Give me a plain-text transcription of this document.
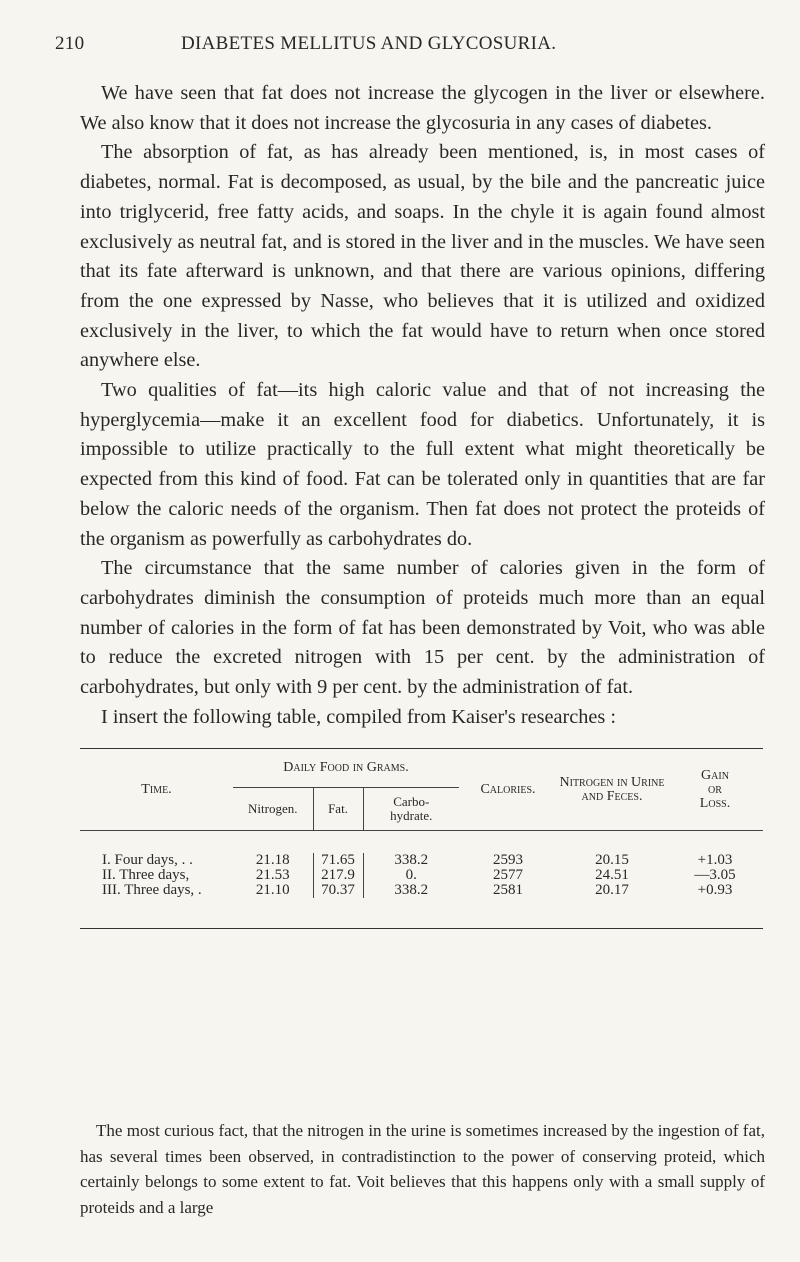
210	DIABETES MELLITUS AND GLYCOSURIA.

We have seen that fat does not increase the glycogen in the liver or elsewhere. We also know that it does not increase the glycosuria in any cases of diabetes.

The absorption of fat, as has already been mentioned, is, in most cases of diabetes, normal. Fat is decomposed, as usual, by the bile and the pancreatic juice into triglycerid, free fatty acids, and soaps. In the chyle it is again found almost exclusively as neutral fat, and is stored in the liver and in the muscles. We have seen that its fate afterward is unknown, and that there are various opinions, differing from the one expressed by Nasse, who believes that it is utilized and oxidized exclusively in the liver, to which the fat would have to return when once stored anywhere else.

Two qualities of fat—its high caloric value and that of not increasing the hyperglycemia—make it an excellent food for diabetics. Unfortunately, it is impossible to utilize practically to the full extent what might theoretically be expected from this kind of food. Fat can be tolerated only in quantities that are far below the caloric needs of the organism. Then fat does not protect the proteids of the organism as powerfully as carbohydrates do.

The circumstance that the same number of calories given in the form of carbohydrates diminish the consumption of proteids much more than an equal number of calories in the form of fat has been demonstrated by Voit, who was able to reduce the excreted nitrogen with 15 per cent. by the administration of carbohydrates, but only with 9 per cent. by the administration of fat.

I insert the following table, compiled from Kaiser's researches :

Time.	Daily Food in Grams.			Calories.	Nitrogen in Urine and Feces.	Gain or Loss.
	Nitrogen.	Fat.	Carbo-hydrate.			

I. Four days, . .	21.18	71.65	338.2	2593	20.15	+1.03
II. Three days,	21.53	217.9	0.	2577	24.51	—3.05
III. Three days, .	21.10	70.37	338.2	2581	20.17	+0.93

The most curious fact, that the nitrogen in the urine is sometimes increased by the ingestion of fat, has several times been observed, in contradistinction to the power of conserving proteid, which certainly belongs to some extent to fat. Voit believes that this happens only with a small supply of proteids and a large
